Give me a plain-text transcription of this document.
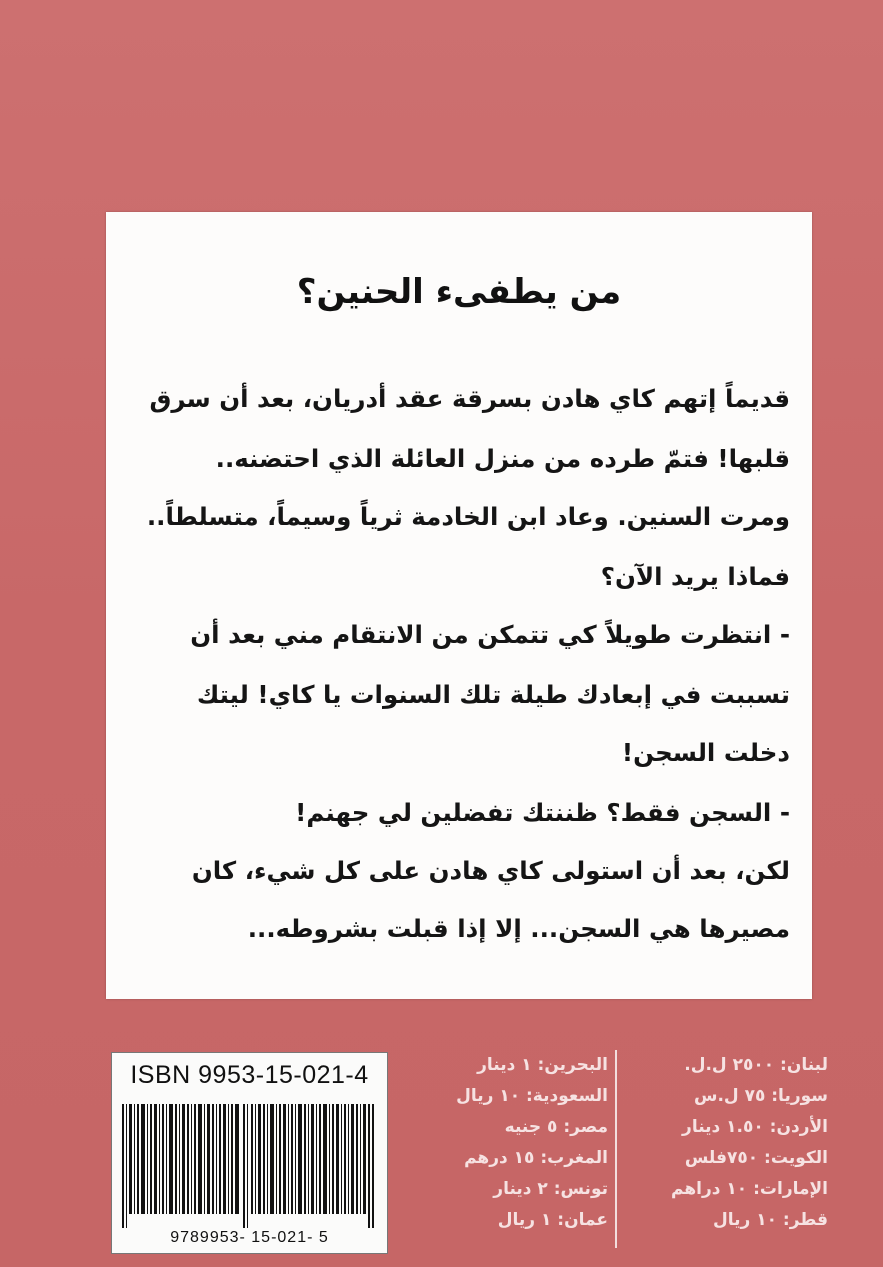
من يطفىء الحنين؟
قديماً إتهم كاي هادن بسرقة عقد أدريان، بعد أن سرق
قلبها! فتمّ طرده من منزل العائلة الذي احتضنه..
ومرت السنين. وعاد ابن الخادمة ثرياً وسيماً، متسلطاً..
فماذا يريد الآن؟
- انتظرت طويلاً كي تتمكن من الانتقام مني بعد أن
تسببت في إبعادك طيلة تلك السنوات يا كاي! ليتك
دخلت السجن!
- السجن فقط؟ ظننتك تفضلين لي جهنم!
لكن، بعد أن استولى كاي هادن على كل شيء، كان
مصيرها هي السجن... إلا إذا قبلت بشروطه...
ISBN 9953-15-021-4
9789953- 15-021- 5
لبنان: ٢٥٠٠ ل.ل.
سوريا: ٧٥ ل.س
الأردن: ١.٥٠ دينار
الكويت: ٧٥٠فلس
الإمارات: ١٠ دراهم
قطر: ١٠ ريال
البحرين: ١ دينار
السعودية: ١٠ ريال
مصر: ٥ جنيه
المغرب: ١٥ درهم
تونس: ٢ دينار
عمان: ١ ريال
